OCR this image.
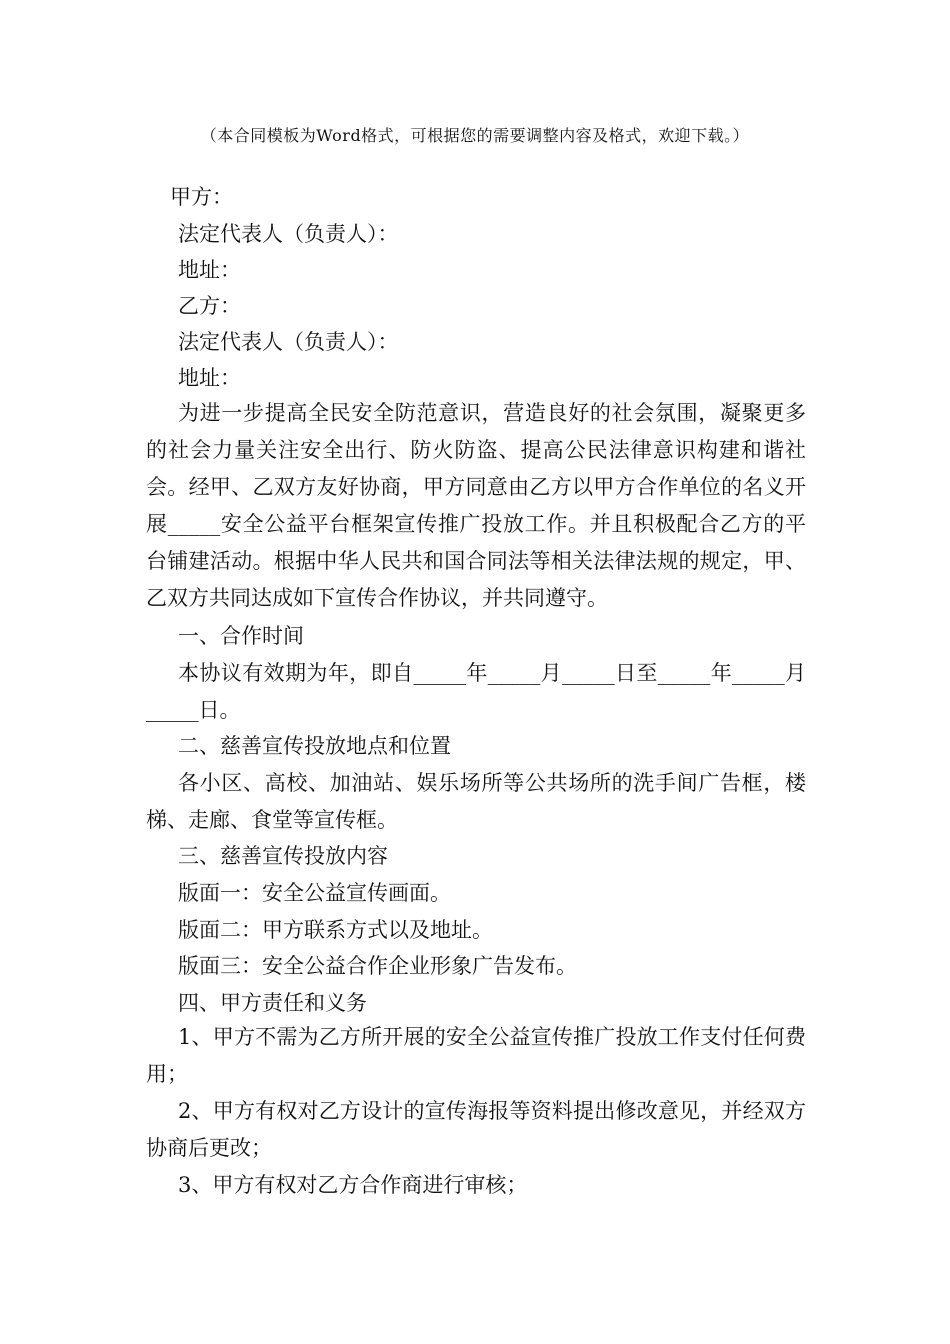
（本合同模板为Word格式，可根据您的需要调整内容及格式，欢迎下载。）
甲方：
法定代表人（负责人）：
地址：
乙方：
法定代表人（负责人）：
地址：

为进一步提高全民安全防范意识，营造良好的社会氛围，凝聚更多的社会力量关注安全出行、防火防盗、提高公民法律意识构建和谐社会。经甲、乙双方友好协商，甲方同意由乙方以甲方合作单位的名义开展_____安全公益平台框架宣传推广投放工作。并且积极配合乙方的平台铺建活动。根据中华人民共和国合同法等相关法律法规的规定，甲、乙双方共同达成如下宣传合作协议，并共同遵守。

一、合作时间

本协议有效期为年，即自_____年_____月_____日至_____年_____月_____日。

二、慈善宣传投放地点和位置

各小区、高校、加油站、娱乐场所等公共场所的洗手间广告框，楼梯、走廊、食堂等宣传框。

三、慈善宣传投放内容
版面一：安全公益宣传画面。
版面二：甲方联系方式以及地址。
版面三：安全公益合作企业形象广告发布。
四、甲方责任和义务

1、甲方不需为乙方所开展的安全公益宣传推广投放工作支付任何费用；

2、甲方有权对乙方设计的宣传海报等资料提出修改意见，并经双方协商后更改；

3、甲方有权对乙方合作商进行审核；
